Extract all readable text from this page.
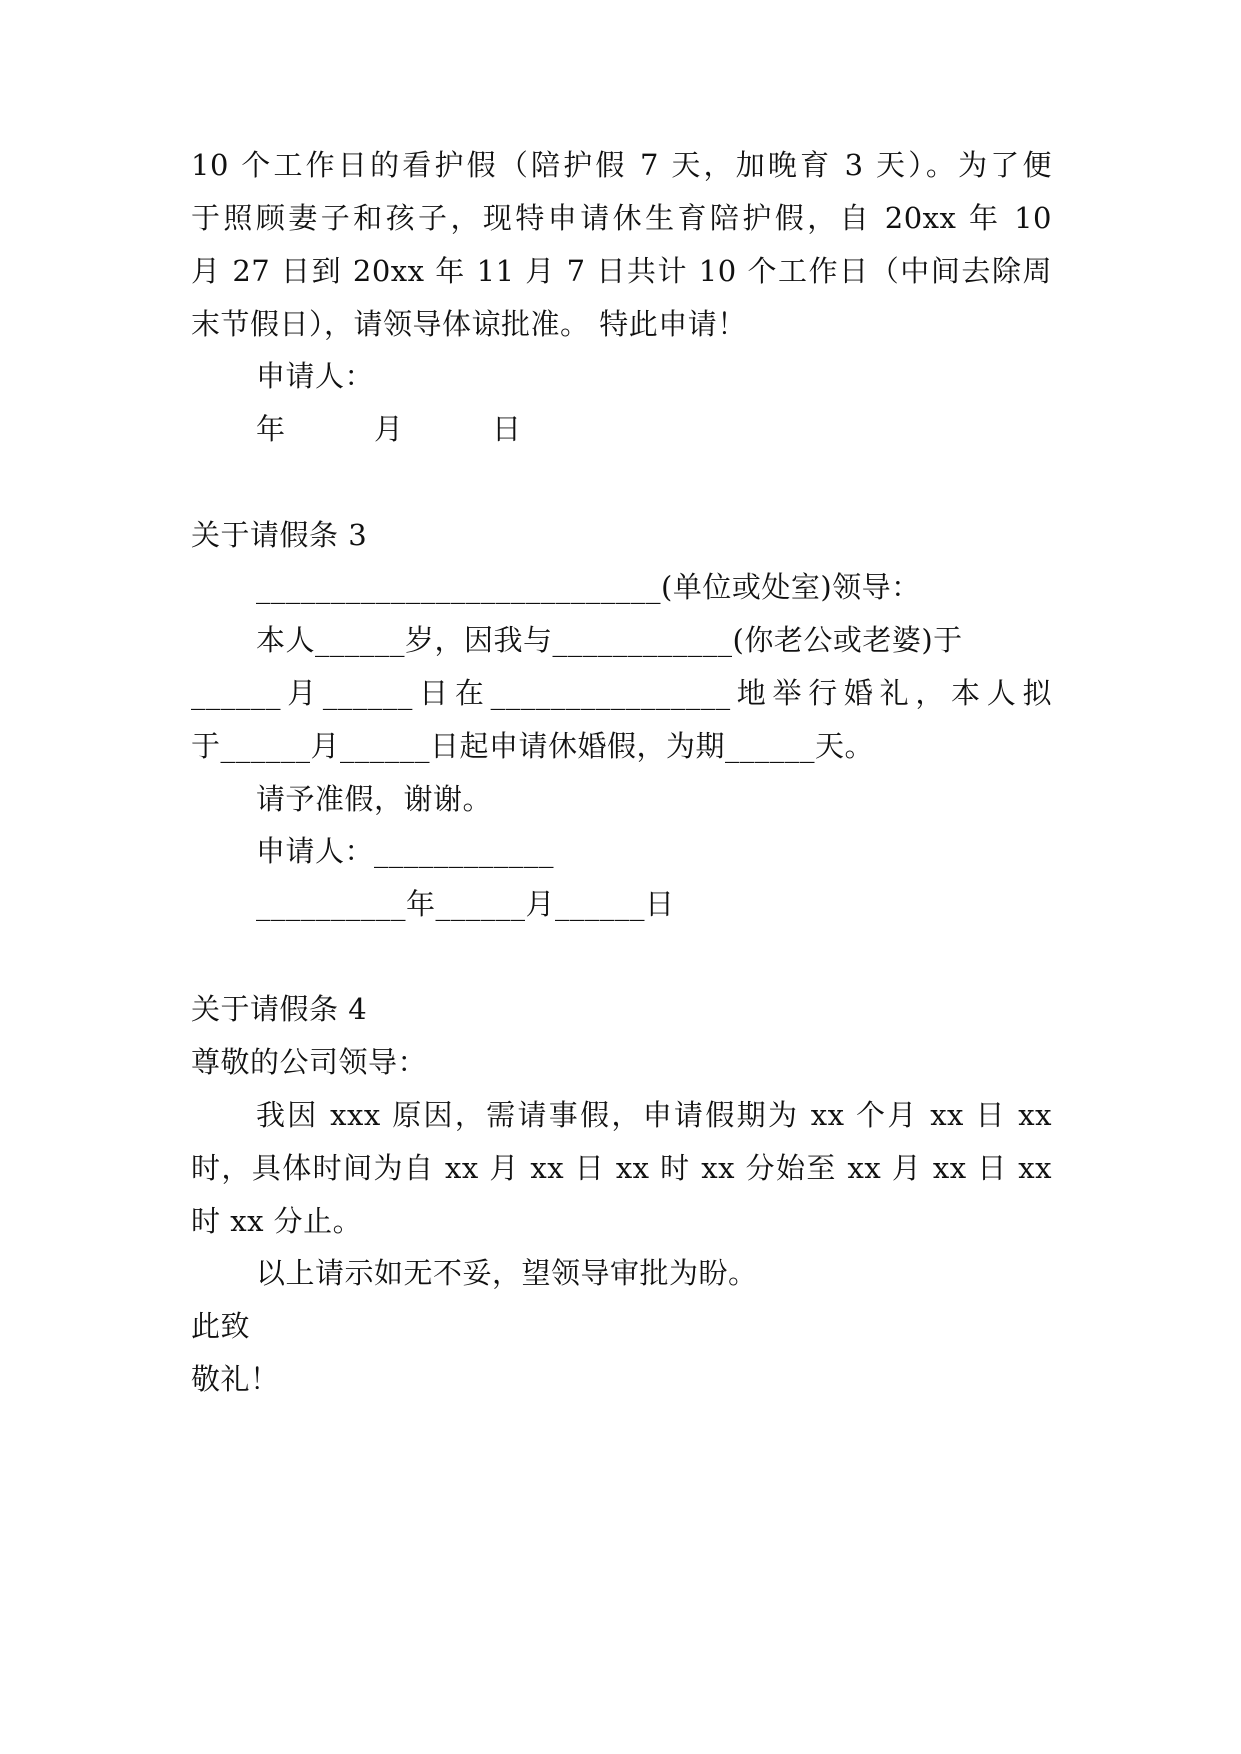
10 个工作日的看护假（陪护假 7 天，加晚育 3 天）。为了便
于照顾妻子和孩子，现特申请休生育陪护假，自 20xx 年 10
月 27 日到 20xx 年 11 月 7 日共计 10 个工作日（中间去除周
末节假日），请领导体谅批准。 特此申请！
申请人：
年　　　月　　　日
关于请假条 3
___________________________(单位或处室)领导：
本人______岁，因我与____________(你老公或老婆)于
______月______日在________________地举行婚礼，本人拟
于______月______日起申请休婚假，为期______天。
请予准假，谢谢。
申请人：____________
__________年______月______日
关于请假条 4
尊敬的公司领导：
我因 xxx 原因，需请事假，申请假期为 xx 个月 xx 日 xx
时，具体时间为自 xx 月 xx 日 xx 时 xx 分始至 xx 月 xx 日 xx
时 xx 分止。
以上请示如无不妥，望领导审批为盼。
此致
敬礼！
